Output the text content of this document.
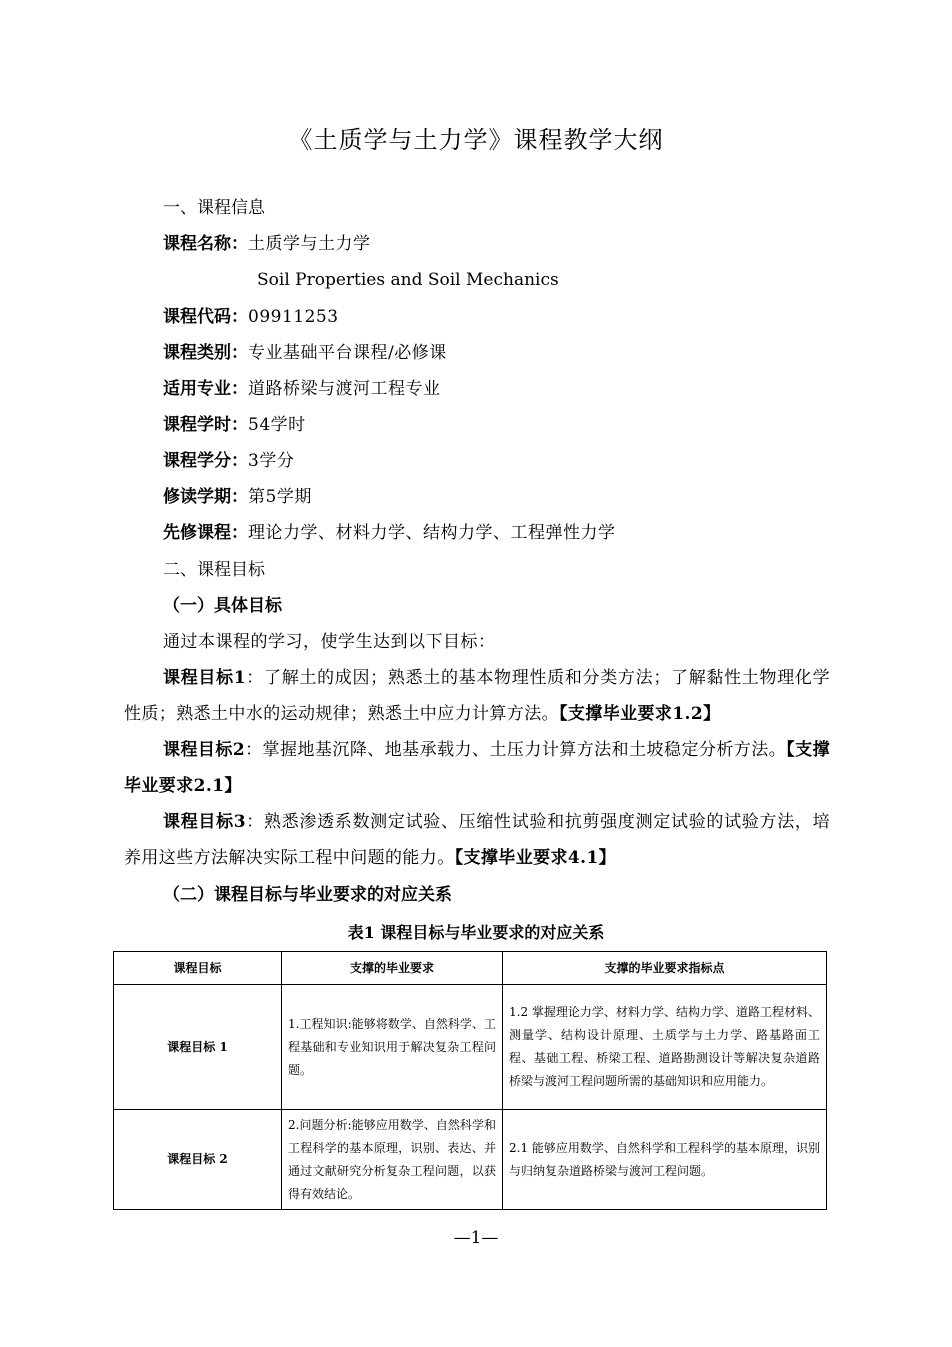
《土质学与土力学》课程教学大纲
一、课程信息
课程名称：土质学与土力学
Soil Properties and Soil Mechanics
课程代码：09911253
课程类别：专业基础平台课程/必修课
适用专业：道路桥梁与渡河工程专业
课程学时：54学时
课程学分：3学分
修读学期：第5学期
先修课程：理论力学、材料力学、结构力学、工程弹性力学
二、课程目标
（一）具体目标
通过本课程的学习，使学生达到以下目标：
课程目标1：了解土的成因；熟悉土的基本物理性质和分类方法；了解黏性土物理化学性质；熟悉土中水的运动规律；熟悉土中应力计算方法。【支撑毕业要求1.2】
课程目标2：掌握地基沉降、地基承载力、土压力计算方法和土坡稳定分析方法。【支撑毕业要求2.1】
课程目标3：熟悉渗透系数测定试验、压缩性试验和抗剪强度测定试验的试验方法，培养用这些方法解决实际工程中问题的能力。【支撑毕业要求4.1】
（二）课程目标与毕业要求的对应关系
表1 课程目标与毕业要求的对应关系
课程目标	支撑的毕业要求	支撑的毕业要求指标点
课程目标 1	1.工程知识:能够将数学、自然科学、工程基础和专业知识用于解决复杂工程问题。	1.2 掌握理论力学、材料力学、结构力学、道路工程材料、测量学、结构设计原理、土质学与土力学、路基路面工程、基础工程、桥梁工程、道路勘测设计等解决复杂道路桥梁与渡河工程问题所需的基础知识和应用能力。
课程目标 2	2.问题分析:能够应用数学、自然科学和工程科学的基本原理，识别、表达、并通过文献研究分析复杂工程问题，以获得有效结论。	2.1 能够应用数学、自然科学和工程科学的基本原理，识别与归纳复杂道路桥梁与渡河工程问题。
—1—
